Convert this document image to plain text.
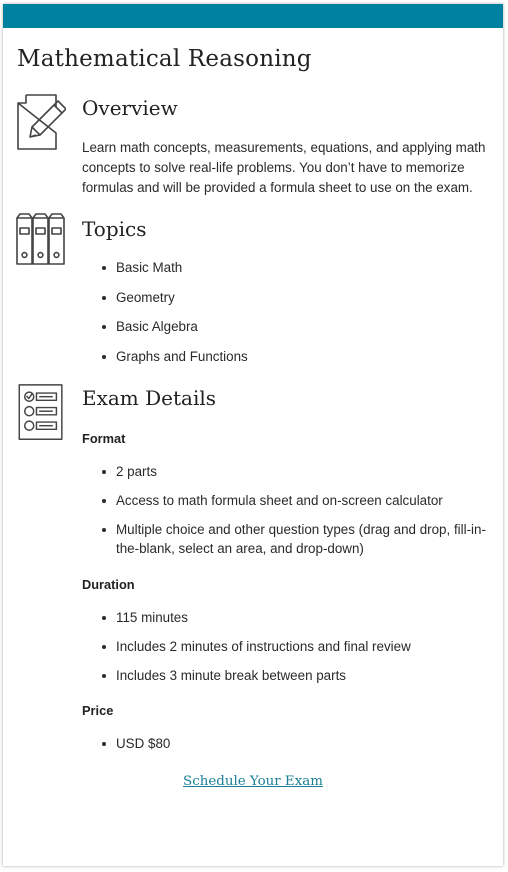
Mathematical Reasoning
Overview

Learn math concepts, measurements, equations, and applying math concepts to solve real-life problems. You don’t have to memorize formulas and will be provided a formula sheet to use on the exam.

Topics
Basic Math
Geometry
Basic Algebra
Graphs and Functions
Exam Details
Format
2 parts
Access to math formula sheet and on-screen calculator
Multiple choice and other question types (drag and drop, fill-in-the-blank, select an area, and drop-down)
Duration
115 minutes
Includes 2 minutes of instructions and final review
Includes 3 minute break between parts
Price
USD $80
Schedule Your Exam
